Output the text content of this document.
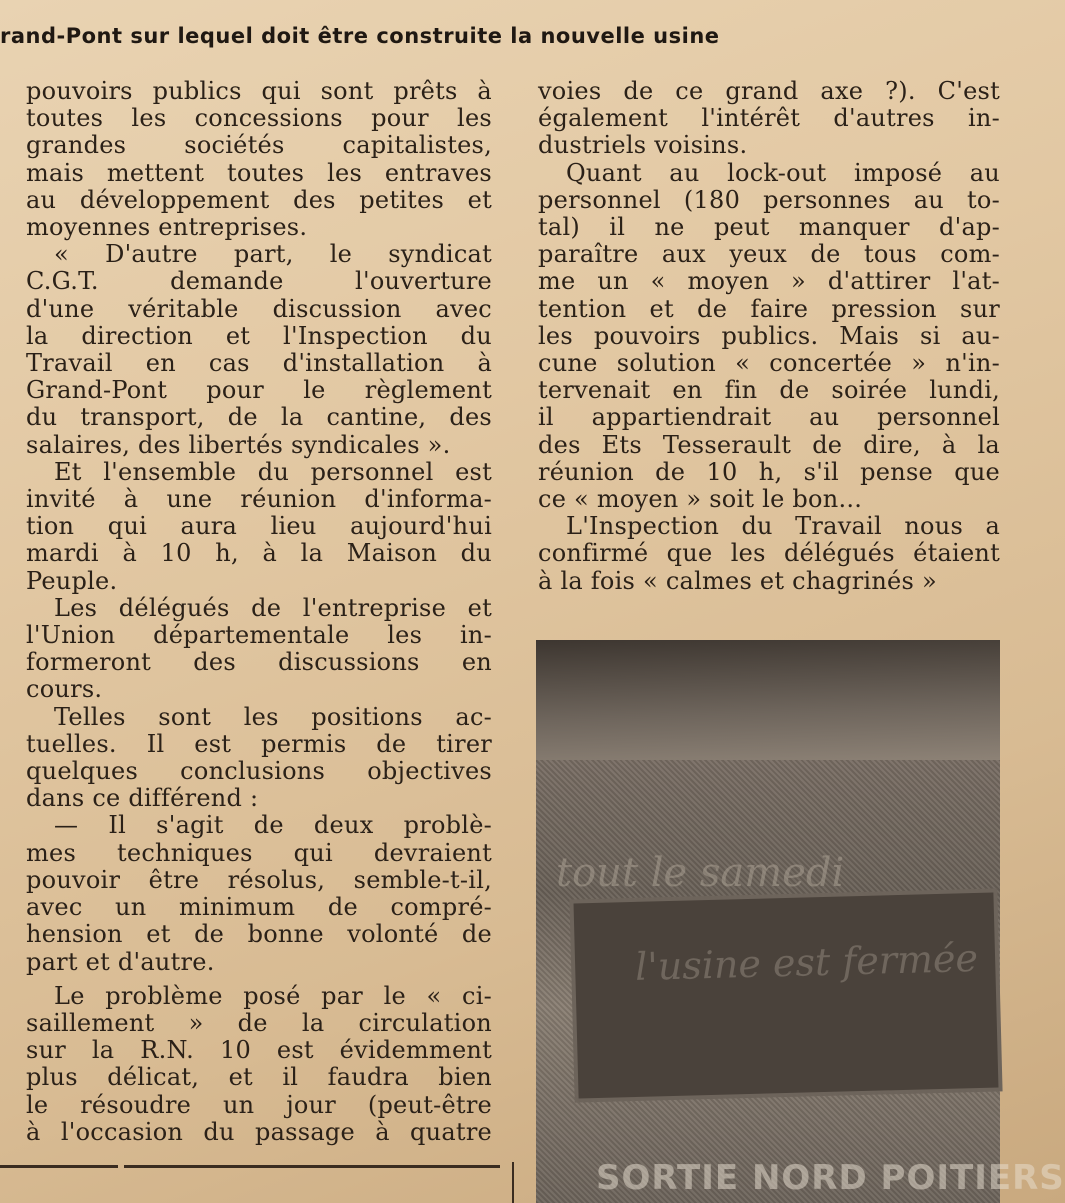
rand-Pont sur lequel doit être construite la nouvelle usine

pouvoirs publics qui sont prêts à

toutes les concessions pour les

grandes sociétés capitalistes,

mais mettent toutes les entraves

au développement des petites et

moyennes entreprises.

« D'autre part, le syndicat

C.G.T. demande l'ouverture

d'une véritable discussion avec

la direction et l'Inspection du

Travail en cas d'installation à

Grand-Pont pour le règlement

du transport, de la cantine, des

salaires, des libertés syndicales ».

Et l'ensemble du personnel est

invité à une réunion d'informa-

tion qui aura lieu aujourd'hui

mardi à 10 h, à la Maison du

Peuple.

Les délégués de l'entreprise et

l'Union départementale les in-

formeront des discussions en

cours.

Telles sont les positions ac-

tuelles. Il est permis de tirer

quelques conclusions objectives

dans ce différend :

— Il s'agit de deux problè-

mes techniques qui devraient

pouvoir être résolus, semble-t-il,

avec un minimum de compré-

hension et de bonne volonté de

part et d'autre.

Le problème posé par le « ci-

saillement » de la circulation

sur la R.N. 10 est évidemment

plus délicat, et il faudra bien

le résoudre un jour (peut-être

à l'occasion du passage à quatre

voies de ce grand axe ?). C'est

également l'intérêt d'autres in-

dustriels voisins.

Quant au lock-out imposé au

personnel (180 personnes au to-

tal) il ne peut manquer d'ap-

paraître aux yeux de tous com-

me un « moyen » d'attirer l'at-

tention et de faire pression sur

les pouvoirs publics. Mais si au-

cune solution « concertée » n'in-

tervenait en fin de soirée lundi,

il appartiendrait au personnel

des Ets Tesserault de dire, à la

réunion de 10 h, s'il pense que

ce « moyen » soit le bon...

L'Inspection du Travail nous a

confirmé que les délégués étaient

à la fois « calmes et chagrinés »

tout le samedi
l'usine est fermée
SORTIE NORD POITIERS
